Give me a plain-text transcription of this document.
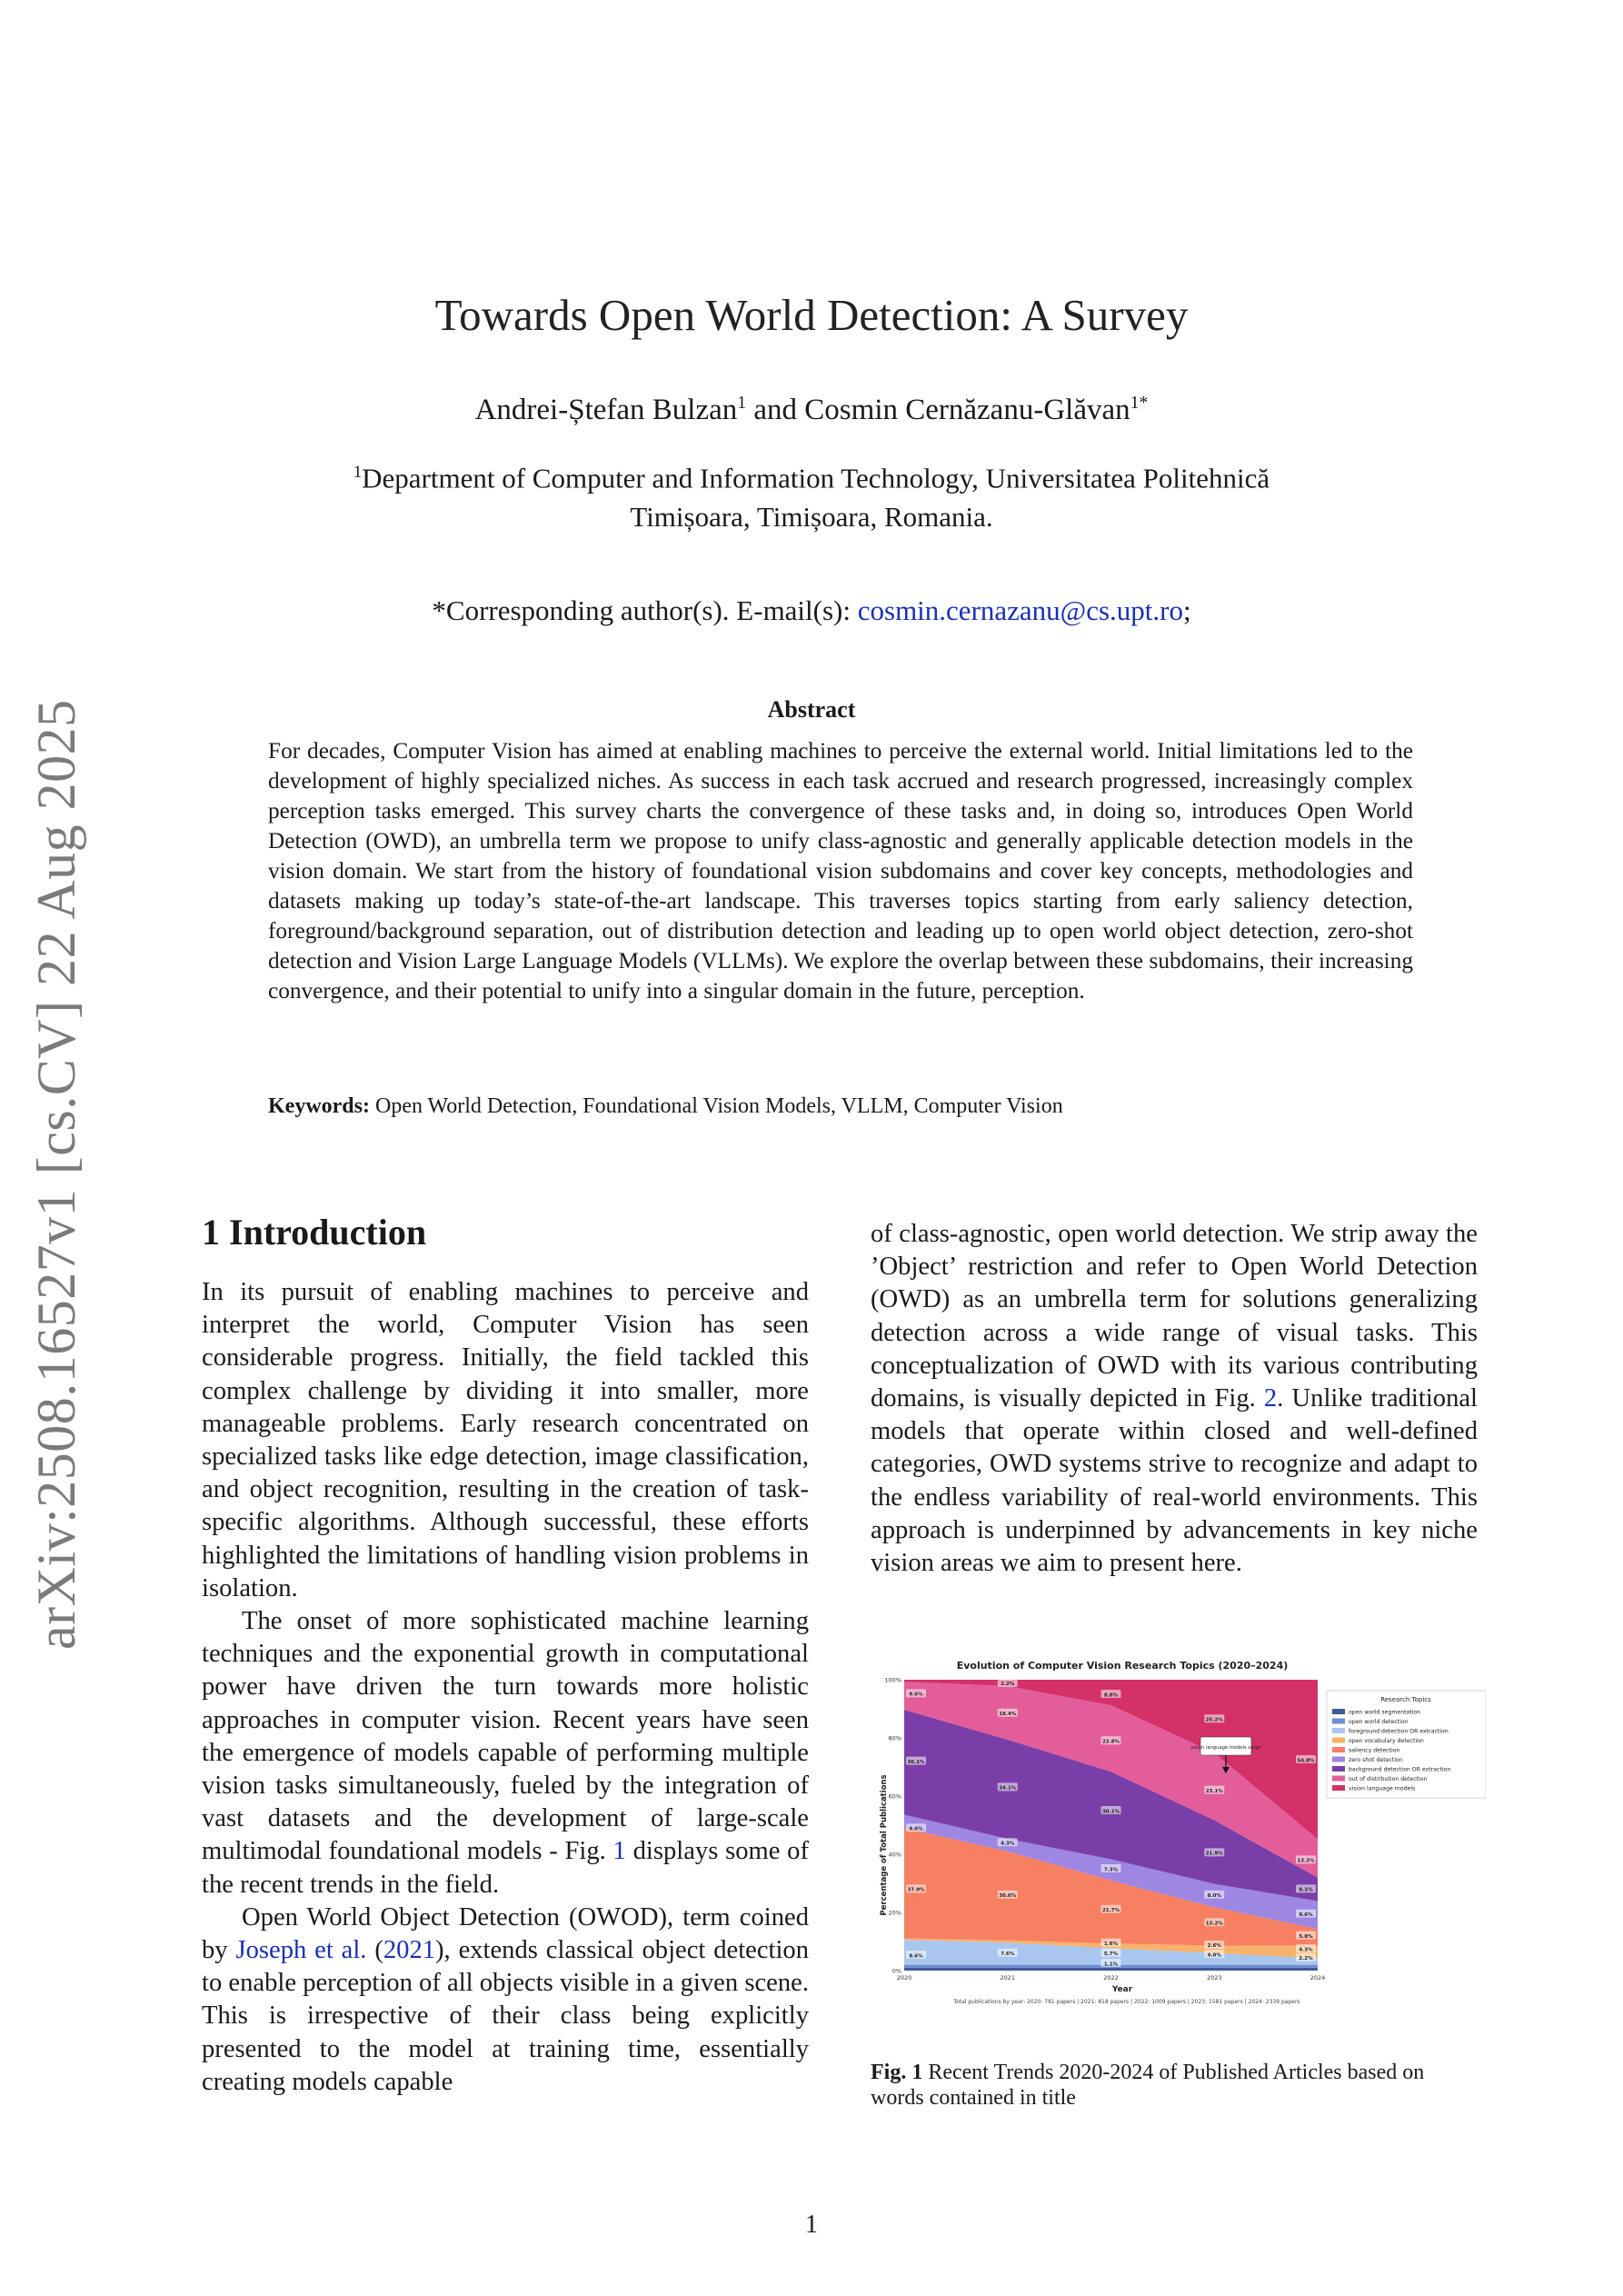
arXiv:2508.16527v1 [cs.CV] 22 Aug 2025
Towards Open World Detection: A Survey
Andrei-Ștefan Bulzan$^1$ and Cosmin Cernăzanu-Glăvan$^{1*}$
$^1$Department of Computer and Information Technology, Universitatea Politehnică
Timișoara, Timișoara, Romania.
*Corresponding author(s). E-mail(s): cosmin.cernazanu@cs.upt.ro;
Abstract
For decades, Computer Vision has aimed at enabling machines to perceive the external world. Initial limitations led to the development of highly specialized niches. As success in each task accrued and research progressed, increasingly complex perception tasks emerged. This survey charts the convergence of these tasks and, in doing so, introduces Open World Detection (OWD), an umbrella term we propose to unify class-agnostic and generally applicable detection models in the vision domain. We start from the history of foundational vision subdomains and cover key concepts, methodologies and datasets making up today’s state-of-the-art landscape. This traverses topics starting from early saliency detection, foreground/background separation, out of distribution detection and leading up to open world object detection, zero-shot detection and Vision Large Language Models (VLLMs). We explore the overlap between these subdomains, their increasing convergence, and their potential to unify into a singular domain in the future, perception.
Keywords: Open World Detection, Foundational Vision Models, VLLM, Computer Vision
1 Introduction

In its pursuit of enabling machines to perceive and interpret the world, Computer Vision has seen considerable progress. Initially, the field tackled this complex challenge by dividing it into smaller, more manageable problems. Early research concentrated on specialized tasks like edge detection, image classification, and object recognition, resulting in the creation of task-specific algorithms. Although successful, these efforts highlighted the limitations of handling vision problems in isolation.

The onset of more sophisticated machine learning techniques and the exponential growth in computational power have driven the turn towards more holistic approaches in computer vision. Recent years have seen the emergence of models capable of performing multiple vision tasks simultaneously, fueled by the integration of vast datasets and the development of large-scale multimodal foundational models - Fig. 1 displays some of the recent trends in the field.

Open World Object Detection (OWOD), term coined by Joseph et al. (2021), extends classical object detection to enable perception of all objects visible in a given scene. This is irrespective of their class being explicitly presented to the model at training time, essentially creating models capable

of class-agnostic, open world detection. We strip away the ’Object’ restriction and refer to Open World Detection (OWD) as an umbrella term for solutions generalizing detection across a wide range of visual tasks. This conceptualization of OWD with its various contributing domains, is visually depicted in Fig. 2. Unlike traditional models that operate within closed and well-defined categories, OWD systems strive to recognize and adapt to the endless variability of real-world environments. This approach is underpinned by advancements in key niche vision areas we aim to present here.

Evolution of Computer Vision Research Topics (2020–2024)
9.6%
36.1%
4.6%
37.9%
8.6%
2.2%
18.4%
34.1%
4.3%
30.6%
7.6%
8.8%
22.8%
30.1%
7.3%
21.7%
1.6%
5.7%
1.1%
25.2%
23.1%
21.9%
8.0%
13.2%
2.6%
4.0%
54.8%
13.2%
8.1%
9.6%
5.8%
4.3%
2.2%
0%
20%
40%
60%
80%
100%
2020	2021	2022	2023	2024
Percentage of Total Publications
Year
Total publications by year: 2020: 781 papers | 2021: 818 papers | 2022: 1009 papers | 2023: 1581 papers | 2024: 2339 papers
vision language models surge
Research Topics
open world segmentation
open world detection
foreground detection OR extraction
open vocabulary detection
saliency detection
zero shot detection
background detection OR extraction
out of distribution detection
vision language models
Fig. 1 Recent Trends 2020-2024 of Published Articles based on words contained in title
1
